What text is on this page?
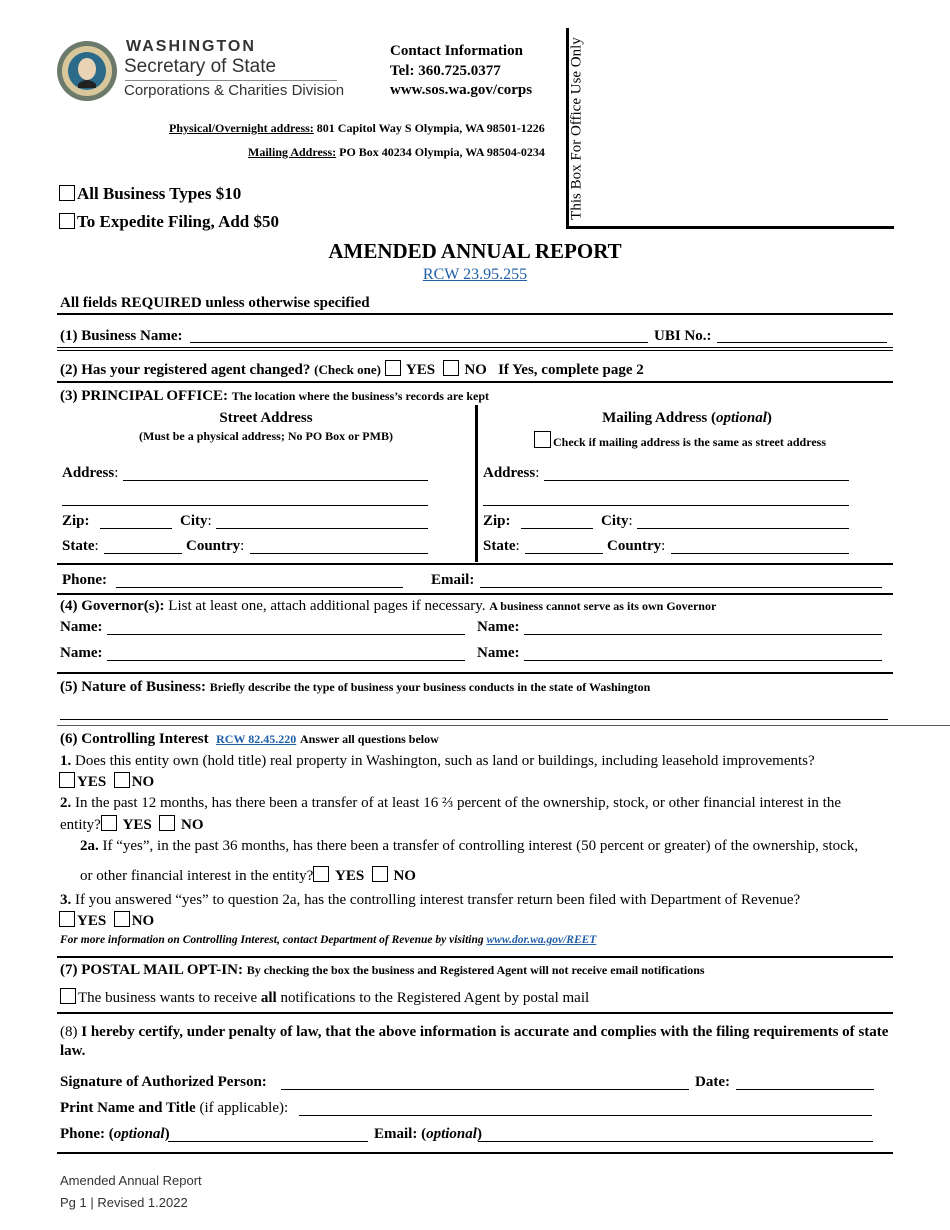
WASHINGTON
Secretary of State
Corporations & Charities Division
Contact Information
Tel: 360.725.0377
www.sos.wa.gov/corps
Physical/Overnight address: 801 Capitol Way S Olympia, WA 98501-1226
Mailing Address: PO Box 40234 Olympia, WA 98504-0234 This Box For Office Use Only
All Business Types $10
To Expedite Filing, Add $50
AMENDED ANNUAL REPORT
RCW 23.95.255
All fields REQUIRED unless otherwise specified
(1) Business Name:	UBI No.:
(2) Has your registered agent changed? (Check one) YES NO If Yes, complete page 2
(3) PRINCIPAL OFFICE: The location where the business’s records are kept
Street Address
(Must be a physical address; No PO Box or PMB)
Mailing Address (optional)
Check if mailing address is the same as street address
Address:
Zip:	City:
State:	Country:
Address:
Zip:	City:
State:	Country:
Phone:	Email:
(4) Governor(s): List at least one, attach additional pages if necessary. A business cannot serve as its own Governor
Name:	Name:
Name:	Name:
(5) Nature of Business: Briefly describe the type of business your business conducts in the state of Washington
(6) Controlling Interest RCW 82.45.220 Answer all questions below
1. Does this entity own (hold title) real property in Washington, such as land or buildings, including leasehold improvements?
YES NO
2. In the past 12 months, has there been a transfer of at least 16 ⅔ percent of the ownership, stock, or other financial interest in the
entity? YES NO
2a. If “yes”, in the past 36 months, has there been a transfer of controlling interest (50 percent or greater) of the ownership, stock,
or other financial interest in the entity? YES NO
3. If you answered “yes” to question 2a, has the controlling interest transfer return been filed with Department of Revenue?
YES NO
For more information on Controlling Interest, contact Department of Revenue by visiting www.dor.wa.gov/REET
(7) POSTAL MAIL OPT-IN: By checking the box the business and Registered Agent will not receive email notifications
The business wants to receive all notifications to the Registered Agent by postal mail
(8) I hereby certify, under penalty of law, that the above information is accurate and complies with the filing requirements of state law.
Signature of Authorized Person:	Date:
Print Name and Title (if applicable):
Phone: (optional)	Email: (optional)
Amended Annual Report
Pg 1 | Revised 1.2022
